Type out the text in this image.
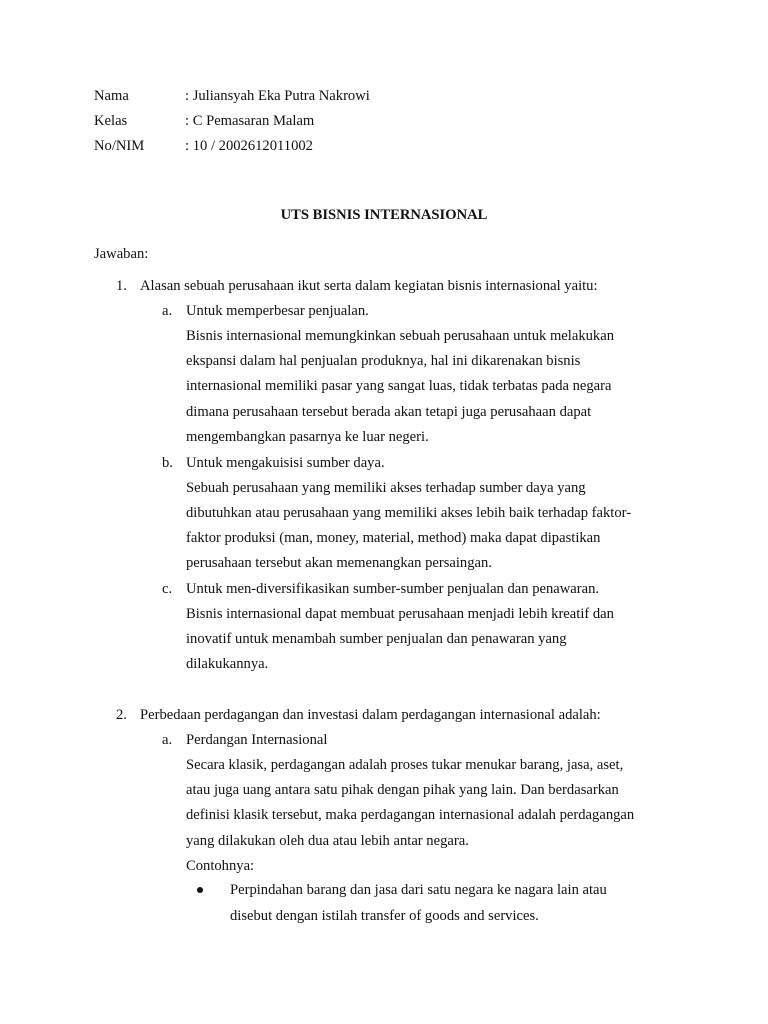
Nama	: Juliansyah Eka Putra Nakrowi
Kelas	: C Pemasaran Malam
No/NIM	: 10 / 2002612011002
UTS BISNIS INTERNASIONAL
Jawaban:
1. Alasan sebuah perusahaan ikut serta dalam kegiatan bisnis internasional yaitu:
a. Untuk memperbesar penjualan.
Bisnis internasional memungkinkan sebuah perusahaan untuk melakukan
ekspansi dalam hal penjualan produknya, hal ini dikarenakan bisnis
internasional memiliki pasar yang sangat luas, tidak terbatas pada negara
dimana perusahaan tersebut berada akan tetapi juga perusahaan dapat
mengembangkan pasarnya ke luar negeri.
b. Untuk mengakuisisi sumber daya.
Sebuah perusahaan yang memiliki akses terhadap sumber daya yang
dibutuhkan atau perusahaan yang memiliki akses lebih baik terhadap faktor-
faktor produksi (man, money, material, method) maka dapat dipastikan
perusahaan tersebut akan memenangkan persaingan.
c. Untuk men-diversifikasikan sumber-sumber penjualan dan penawaran.
Bisnis internasional dapat membuat perusahaan menjadi lebih kreatif dan
inovatif untuk menambah sumber penjualan dan penawaran yang
dilakukannya.
2. Perbedaan perdagangan dan investasi dalam perdagangan internasional adalah:
a. Perdangan Internasional
Secara klasik, perdagangan adalah proses tukar menukar barang, jasa, aset,
atau juga uang antara satu pihak dengan pihak yang lain. Dan berdasarkan
definisi klasik tersebut, maka perdagangan internasional adalah perdagangan
yang dilakukan oleh dua atau lebih antar negara.
Contohnya:
Perpindahan barang dan jasa dari satu negara ke nagara lain atau
disebut dengan istilah transfer of goods and services.
